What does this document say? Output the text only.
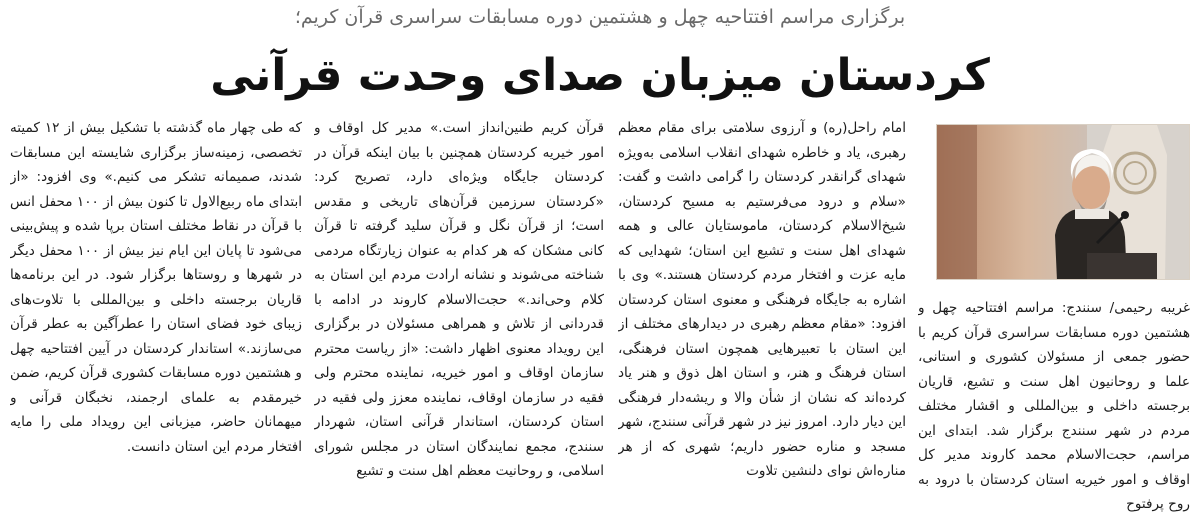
برگزاری مراسم افتتاحیه چهل و هشتمین دوره مسابقات سراسری قرآن کریم؛
کردستان میزبان صدای وحدت قرآنی

غریبه رحیمی/ سنندج: مراسم افتتاحیه چهل و هشتمین دوره مسابقات سراسری قرآن کریم با حضور جمعی از مسئولان کشوری و استانی، علما و روحانیون اهل سنت و تشیع، قاریان برجسته داخلی و بین‌المللی و اقشار مختلف مردم در شهر سنندج برگزار شد. ابتدای این مراسم، حجت‌الاسلام محمد کاروند مدیر کل اوقاف و امور خیریه استان کردستان با درود به روح پرفتوح

امام راحل(ره) و آرزوی سلامتی برای مقام معظم رهبری، یاد و خاطره شهدای انقلاب اسلامی به‌ویژه شهدای گرانقدر کردستان را گرامی داشت و گفت: «سلام و درود می‌فرستیم به مسیح کردستان، شیخ‌الاسلام کردستان، ماموستایان عالی و همه شهدای اهل سنت و تشیع این استان؛ شهدایی که مایه عزت و افتخار مردم کردستان هستند.» وی با اشاره به جایگاه فرهنگی و معنوی استان کردستان افزود: «مقام معظم رهبری در دیدارهای مختلف از این استان با تعبیرهایی همچون استان فرهنگی، استان فرهنگ و هنر، و استان اهل ذوق و هنر یاد کرده‌اند که نشان از شأن والا و ریشه‌دار فرهنگی این دیار دارد. امروز نیز در شهر قرآنی سنندج، شهر مسجد و مناره حضور داریم؛ شهری که از هر مناره‌اش نوای دلنشین تلاوت

قرآن کریم طنین‌انداز است.» مدیر کل اوقاف و امور خیریه کردستان همچنین با بیان اینکه قرآن در کردستان جایگاه ویژه‌ای دارد، تصریح کرد: «کردستان سرزمین قرآن‌های تاریخی و مقدس است؛ از قرآن نگل و قرآن سلید گرفته تا قرآن کانی مشکان که هر کدام به عنوان زیارتگاه مردمی شناخته می‌شوند و نشانه ارادت مردم این استان به کلام وحی‌اند.» حجت‌الاسلام کاروند در ادامه با قدردانی از تلاش و همراهی مسئولان در برگزاری این رویداد معنوی اظهار داشت: «از ریاست محترم سازمان اوقاف و امور خیریه، نماینده محترم ولی فقیه در سازمان اوقاف، نماینده معزز ولی فقیه در استان کردستان، استاندار قرآنی استان، شهردار سنندج، مجمع نمایندگان استان در مجلس شورای اسلامی، و روحانیت معظم اهل سنت و تشیع

که طی چهار ماه گذشته با تشکیل بیش از ۱۲ کمیته تخصصی، زمینه‌ساز برگزاری شایسته این مسابقات شدند، صمیمانه تشکر می کنیم.» وی افزود: «از ابتدای ماه ربیع‌الاول تا کنون بیش از ۱۰۰ محفل انس با قرآن در نقاط مختلف استان برپا شده و پیش‌بینی می‌شود تا پایان این ایام نیز بیش از ۱۰۰ محفل دیگر در شهرها و روستاها برگزار شود. در این برنامه‌ها قاریان برجسته داخلی و بین‌المللی با تلاوت‌های زیبای خود فضای استان را عطرآگین به عطر قرآن می‌سازند.» استاندار کردستان در آیین افتتاحیه چهل و هشتمین دوره مسابقات کشوری قرآن کریم، ضمن خیرمقدم به علمای ارجمند، نخبگان قرآنی و میهمانان حاضر، میزبانی این رویداد ملی را مایه افتخار مردم این استان دانست.
